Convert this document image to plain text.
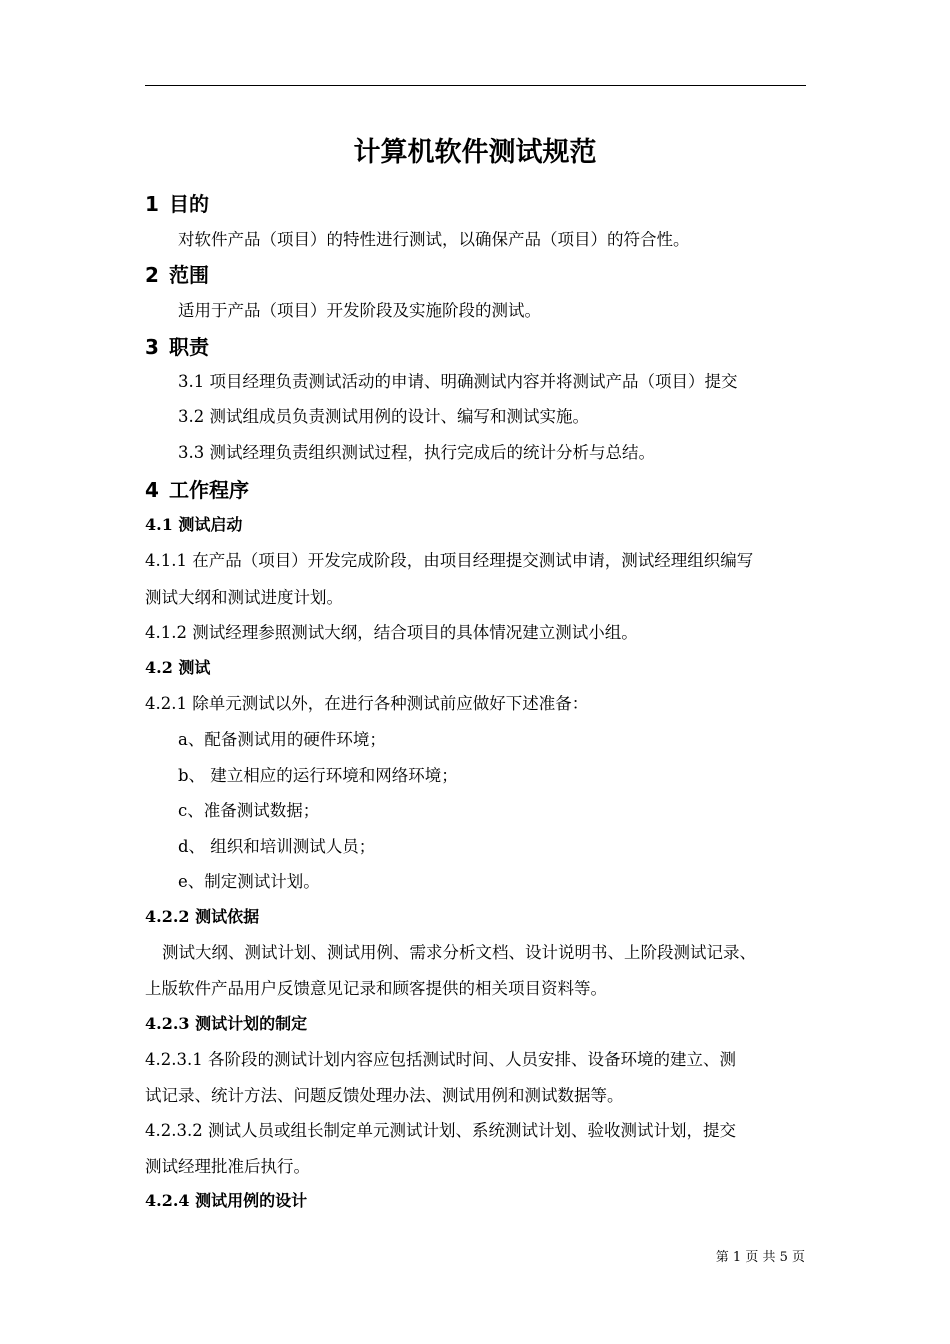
计算机软件测试规范
1 目的
对软件产品（项目）的特性进行测试，以确保产品（项目）的符合性。
2 范围
适用于产品（项目）开发阶段及实施阶段的测试。
3 职责
3.1 项目经理负责测试活动的申请、明确测试内容并将测试产品（项目）提交
3.2 测试组成员负责测试用例的设计、编写和测试实施。
3.3 测试经理负责组织测试过程，执行完成后的统计分析与总结。
4 工作程序
4.1 测试启动
4.1.1 在产品（项目）开发完成阶段，由项目经理提交测试申请，测试经理组织编写
测试大纲和测试进度计划。
4.1.2 测试经理参照测试大纲，结合项目的具体情况建立测试小组。
4.2 测试
4.2.1 除单元测试以外，在进行各种测试前应做好下述准备：
a、配备测试用的硬件环境；
b、 建立相应的运行环境和网络环境；
c、准备测试数据；
d、 组织和培训测试人员；
e、制定测试计划。
4.2.2 测试依据
测试大纲、测试计划、测试用例、需求分析文档、设计说明书、上阶段测试记录、
上版软件产品用户反馈意见记录和顾客提供的相关项目资料等。
4.2.3 测试计划的制定
4.2.3.1 各阶段的测试计划内容应包括测试时间、人员安排、设备环境的建立、测
试记录、统计方法、问题反馈处理办法、测试用例和测试数据等。
4.2.3.2 测试人员或组长制定单元测试计划、系统测试计划、验收测试计划，提交
测试经理批准后执行。
4.2.4 测试用例的设计
第 1 页 共 5 页
